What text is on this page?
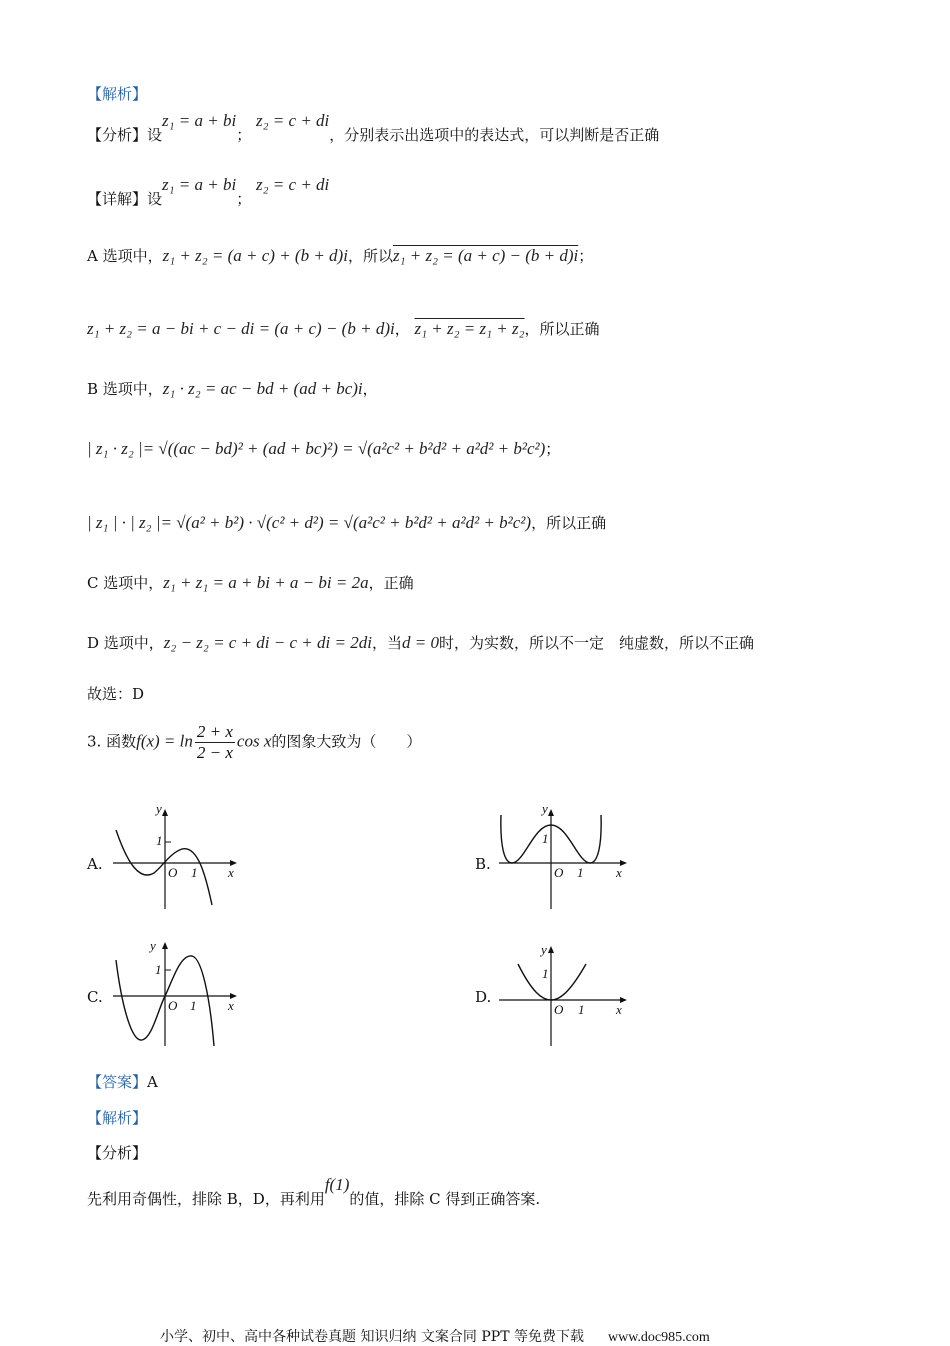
【解析】
【分析】设z₁ = a + bi； z₂ = c + di，分别表示出选项中的表达式，可以判断是否正确
【详解】设z₁ = a + bi； z₂ = c + di
A 选项中，z₁ + z₂ = (a + c) + (b + d)i，所以z₁ + z₂ = (a + c) − (b + d)i；
z₁ + z₂ = a − bi + c − di = (a + c) − (b + d)i， z₁ + z₂ = z₁ + z₂，所以正确
B 选项中，z₁ · z₂ = ac − bd + (ad + bc)i，
| z₁ · z₂ |= √((ac − bd)² + (ad + bc)²) = √(a²c² + b²d² + a²d² + b²c²)；
| z₁ | · | z₂ |= √(a² + b²) · √(c² + d²) = √(a²c² + b²d² + a²d² + b²c²)，所以正确
C 选项中，z₁ + z₁ = a + bi + a − bi = 2a，正确
D 选项中，z₂ − z₂ = c + di − c + di = 2di，当d = 0时，为实数，所以不一定　纯虚数，所以不正确
故选：D
3. 函数$f(x) = \ln \frac{2 + x}{2 - x}$ cos x的图象大致为（　　）
A.
y
x
O
1
1	B.
y
x
O
1
1
C.
y
x
O
1
1	D.
y
x
O
1
1
【答案】A
【解析】
【分析】
先利用奇偶性，排除 B，D，再利用f(1)的值，排除 C 得到正确答案.
小学、初中、高中各种试卷真题 知识归纳 文案合同 PPT 等免费下载 www.doc985.com
